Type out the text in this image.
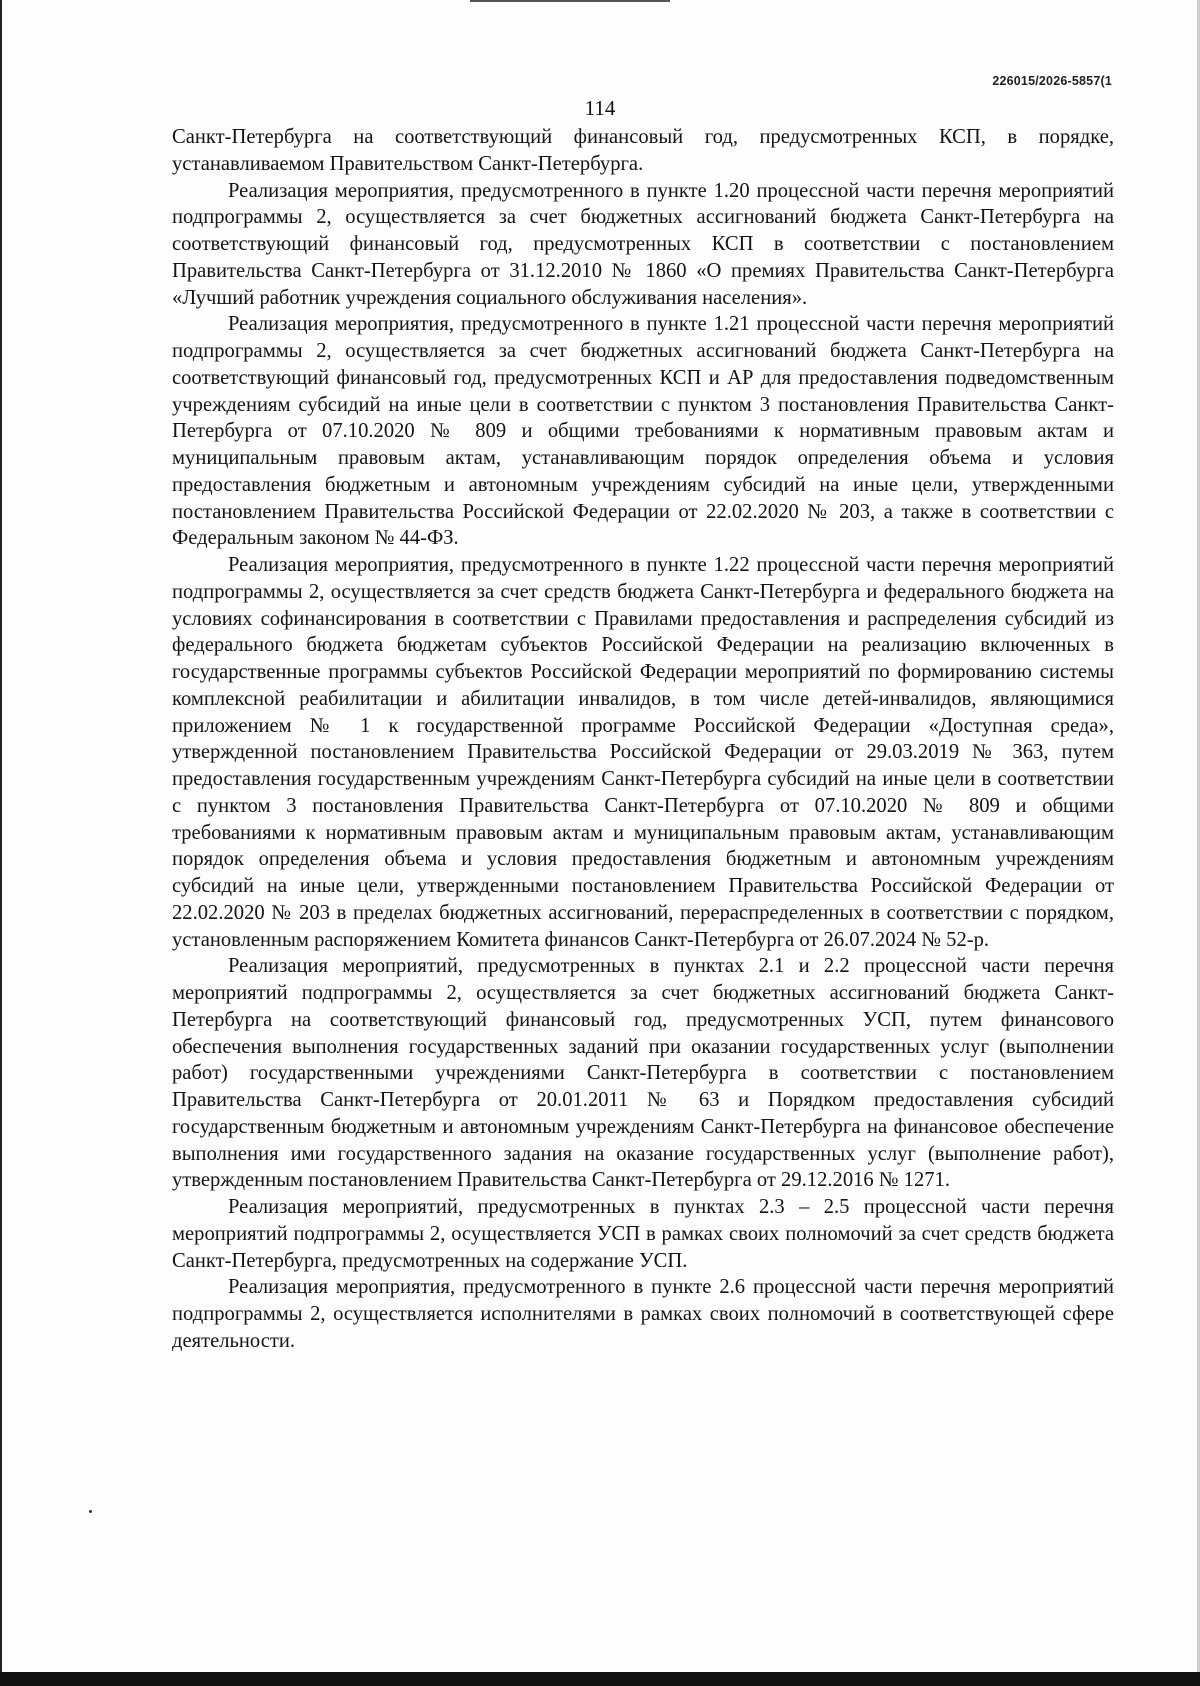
226015/2026-5857(1
114

Санкт-Петербурга на соответствующий финансовый год, предусмотренных КСП, в порядке, устанавливаемом Правительством Санкт-Петербурга.

Реализация мероприятия, предусмотренного в пункте 1.20 процессной части перечня мероприятий подпрограммы 2, осуществляется за счет бюджетных ассигнований бюджета Санкт-Петербурга на соответствующий финансовый год, предусмотренных КСП в соответствии с постановлением Правительства Санкт-Петербурга от 31.12.2010 № 1860 «О премиях Правительства Санкт-Петербурга «Лучший работник учреждения социального обслуживания населения».

Реализация мероприятия, предусмотренного в пункте 1.21 процессной части перечня мероприятий подпрограммы 2, осуществляется за счет бюджетных ассигнований бюджета Санкт-Петербурга на соответствующий финансовый год, предусмотренных КСП и АР для предоставления подведомственным учреждениям субсидий на иные цели в соответствии с пунктом 3 постановления Правительства Санкт-Петербурга от 07.10.2020 № 809 и общими требованиями к нормативным правовым актам и муниципальным правовым актам, устанавливающим порядок определения объема и условия предоставления бюджетным и автономным учреждениям субсидий на иные цели, утвержденными постановлением Правительства Российской Федерации от 22.02.2020 № 203, а также в соответствии с Федеральным законом № 44-ФЗ.

Реализация мероприятия, предусмотренного в пункте 1.22 процессной части перечня мероприятий подпрограммы 2, осуществляется за счет средств бюджета Санкт-Петербурга и федерального бюджета на условиях софинансирования в соответствии с Правилами предоставления и распределения субсидий из федерального бюджета бюджетам субъектов Российской Федерации на реализацию включенных в государственные программы субъектов Российской Федерации мероприятий по формированию системы комплексной реабилитации и абилитации инвалидов, в том числе детей-инвалидов, являющимися приложением № 1 к государственной программе Российской Федерации «Доступная среда», утвержденной постановлением Правительства Российской Федерации от 29.03.2019 № 363, путем предоставления государственным учреждениям Санкт-Петербурга субсидий на иные цели в соответствии с пунктом 3 постановления Правительства Санкт-Петербурга от 07.10.2020 № 809 и общими требованиями к нормативным правовым актам и муниципальным правовым актам, устанавливающим порядок определения объема и условия предоставления бюджетным и автономным учреждениям субсидий на иные цели, утвержденными постановлением Правительства Российской Федерации от 22.02.2020 № 203 в пределах бюджетных ассигнований, перераспределенных в соответствии с порядком, установленным распоряжением Комитета финансов Санкт-Петербурга от 26.07.2024 № 52-р.

Реализация мероприятий, предусмотренных в пунктах 2.1 и 2.2 процессной части перечня мероприятий подпрограммы 2, осуществляется за счет бюджетных ассигнований бюджета Санкт-Петербурга на соответствующий финансовый год, предусмотренных УСП, путем финансового обеспечения выполнения государственных заданий при оказании государственных услуг (выполнении работ) государственными учреждениями Санкт-Петербурга в соответствии с постановлением Правительства Санкт-Петербурга от 20.01.2011 № 63 и Порядком предоставления субсидий государственным бюджетным и автономным учреждениям Санкт-Петербурга на финансовое обеспечение выполнения ими государственного задания на оказание государственных услуг (выполнение работ), утвержденным постановлением Правительства Санкт-Петербурга от 29.12.2016 № 1271.

Реализация мероприятий, предусмотренных в пунктах 2.3 – 2.5 процессной части перечня мероприятий подпрограммы 2, осуществляется УСП в рамках своих полномочий за счет средств бюджета Санкт-Петербурга, предусмотренных на содержание УСП.

Реализация мероприятия, предусмотренного в пункте 2.6 процессной части перечня мероприятий подпрограммы 2, осуществляется исполнителями в рамках своих полномочий в соответствующей сфере деятельности.
